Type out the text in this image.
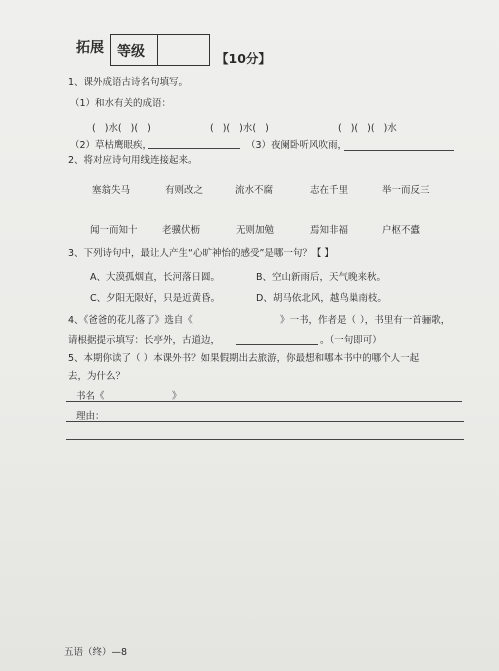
拓展 等级	【10分】
1、课外成语古诗名句填写。
（1）和水有关的成语：
( )水( )( )	( )( )水( )	( )( )( )水
（2）草枯鹰眼疾，	（3）夜阑卧听风吹雨，
2、将对应诗句用线连接起来。
塞翁失马	有则改之	流水不腐	志在千里	举一而反三
闻一而知十	老骥伏枥	无则加勉	焉知非福	户枢不蠹
3、下列诗句中，最让人产生“心旷神怡的感受”是哪一句？【 】
A、大漠孤烟直，长河落日圆。	B、空山新雨后，天气晚来秋。
C、夕阳无限好，只是近黄昏。	D、胡马依北风，越鸟巢南枝。
4、《爸爸的花儿落了》选自《	》一书，作者是（ ），书里有一首骊歌，
请根据提示填写：长亭外，古道边，	。（一句即可）
5、本期你读了（ ）本课外书？如果假期出去旅游，你最想和哪本书中的哪个人一起
去，为什么？
书名《	》
理由：
五语（终）—8
